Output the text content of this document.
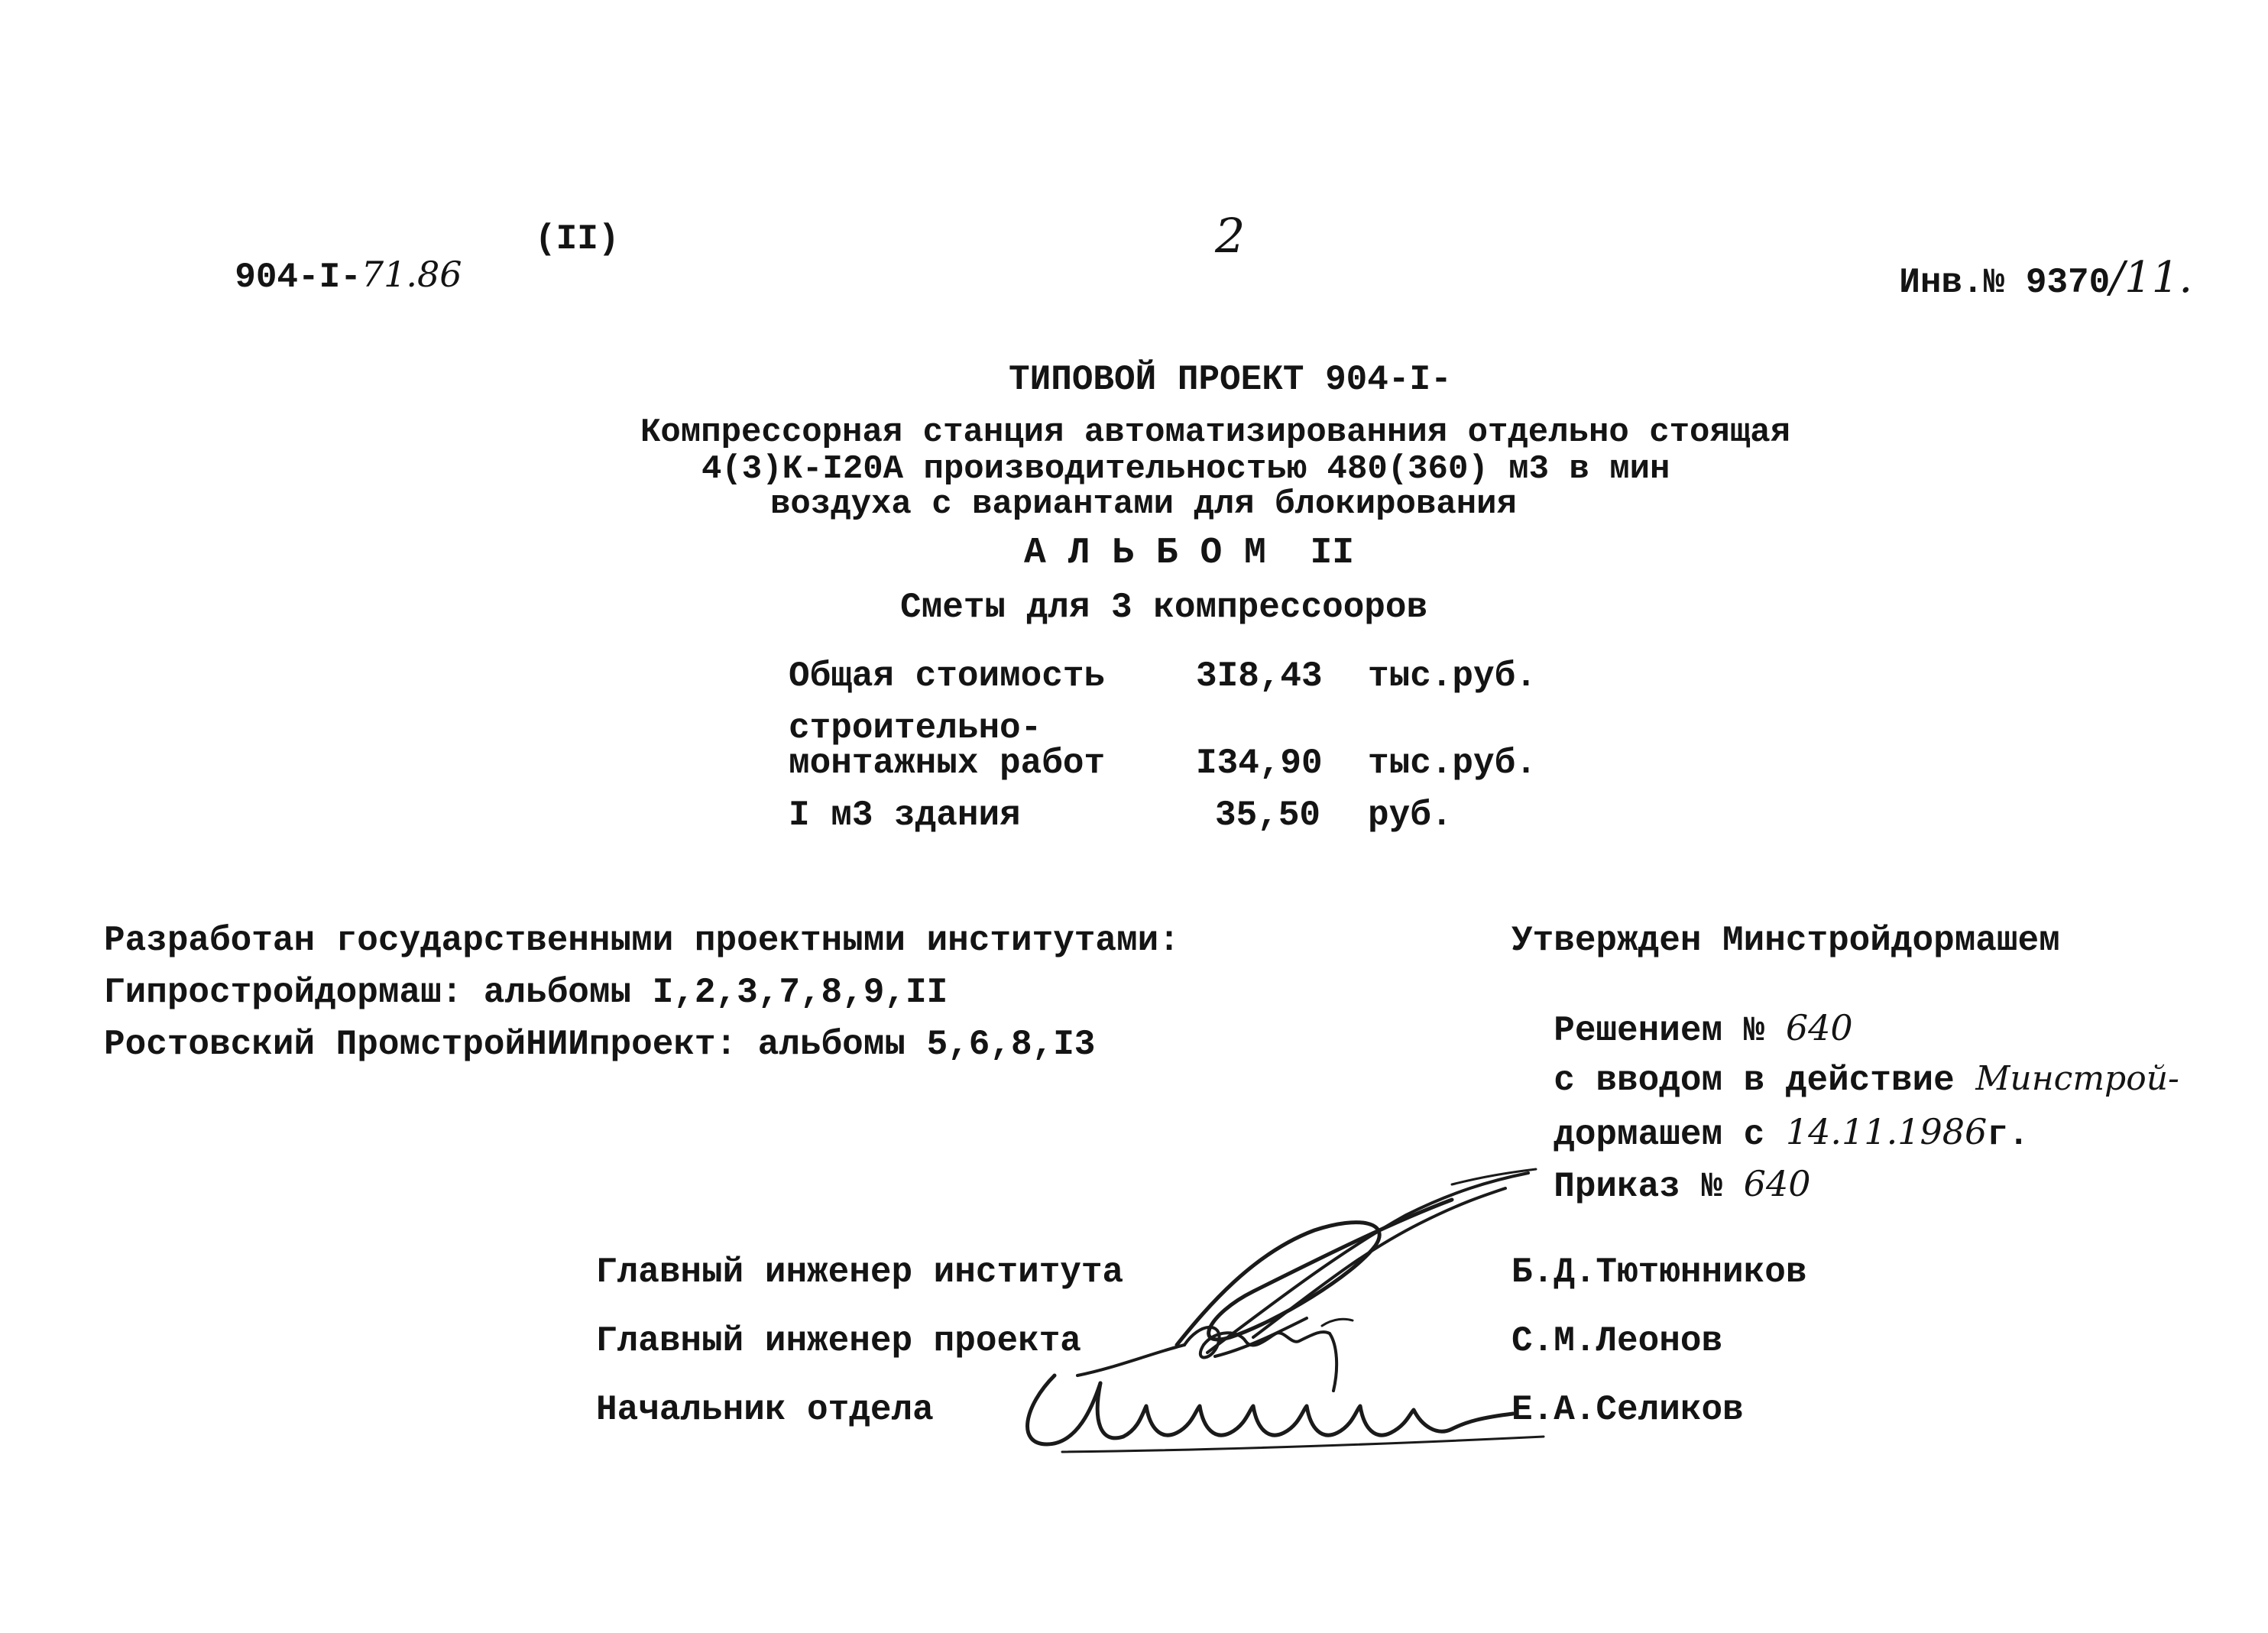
904-I-71.86

(II)	2

Инв.№ 9370/11.

ТИПОВОЙ ПРОЕКТ 904-I-
Компрессорная станция автоматизированния отдельно стоящая
4(3)К-I20А производительностью 480(360) м3 в мин
воздуха с вариантами для блокирования
А Л Ь Б О М  II
Сметы для 3 компрессооров
Общая стоимость	3I8,43 тыс.руб.
строительно-
монтажных работ	I34,90 тыс.руб.
I м3 здания	35,50 руб.
Разработан государственными проектными институтами:
Гипростройдормаш: альбомы I,2,3,7,8,9,II
Ростовский ПромстройНИИпроект: альбомы 5,6,8,I3
Утвержден Минстройдормашем

Решением № 640

с вводом в действие Минстрой-

дормашем с 14.11.1986г.

Приказ № 640

Главный инженер института	Б.Д.Тютюнников
Главный инженер проекта	С.М.Леонов
Начальник отдела	Е.А.Селиков
